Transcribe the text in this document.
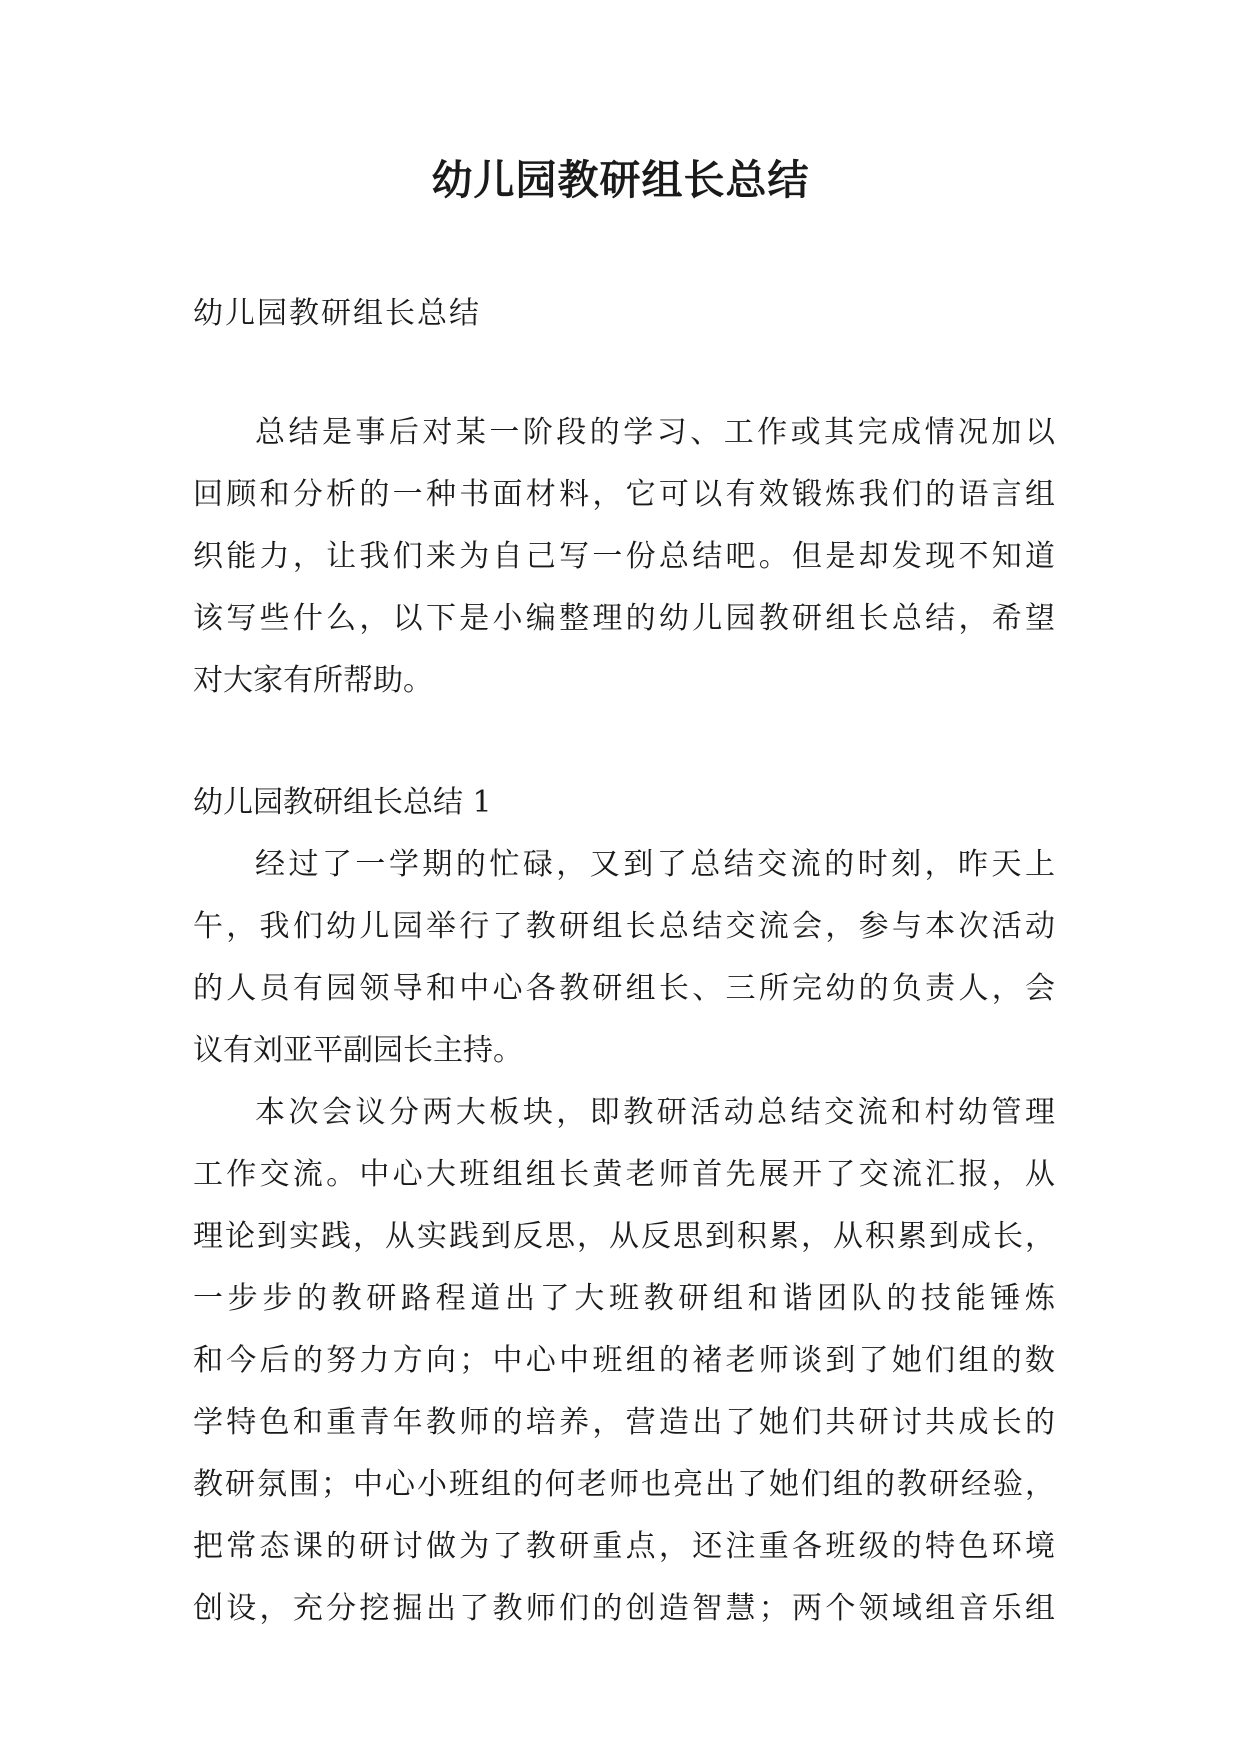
幼儿园教研组长总结

幼儿园教研组长总结

总结是事后对某一阶段的学习、工作或其完成情况加以
回顾和分析的一种书面材料，它可以有效锻炼我们的语言组
织能力，让我们来为自己写一份总结吧。但是却发现不知道
该写些什么，以下是小编整理的幼儿园教研组长总结，希望
对大家有所帮助。

幼儿园教研组长总结 1

经过了一学期的忙碌，又到了总结交流的时刻，昨天上
午，我们幼儿园举行了教研组长总结交流会，参与本次活动
的人员有园领导和中心各教研组长、三所完幼的负责人，会
议有刘亚平副园长主持。
本次会议分两大板块，即教研活动总结交流和村幼管理
工作交流。中心大班组组长黄老师首先展开了交流汇报，从
理论到实践，从实践到反思，从反思到积累，从积累到成长，
一步步的教研路程道出了大班教研组和谐团队的技能锤炼
和今后的努力方向；中心中班组的褚老师谈到了她们组的数
学特色和重青年教师的培养，营造出了她们共研讨共成长的
教研氛围；中心小班组的何老师也亮出了她们组的教研经验，
把常态课的研讨做为了教研重点，还注重各班级的特色环境
创设，充分挖掘出了教师们的创造智慧；两个领域组音乐组
